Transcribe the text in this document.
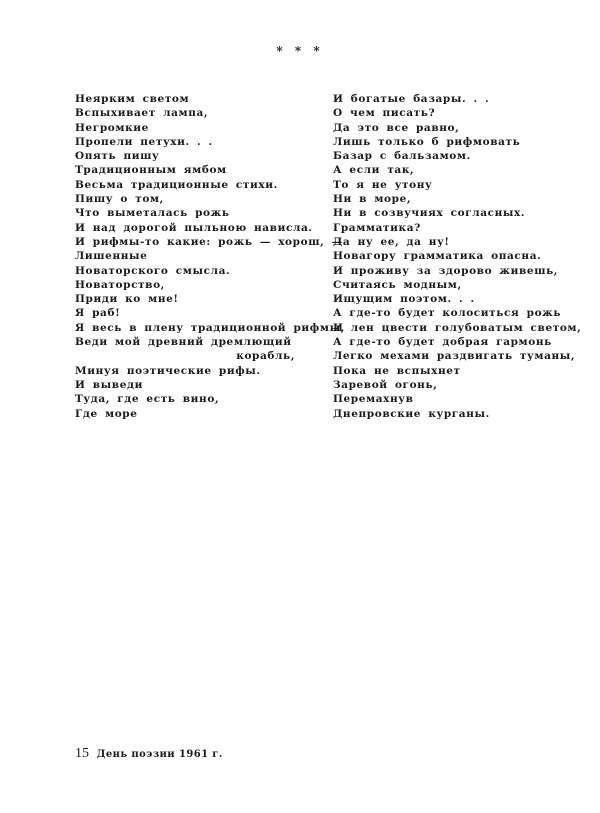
* * *
Неярким светом
Вспыхивает лампа,
Негромкие
Пропели петухи. . .
Опять пишу
Традиционным ямбом
Весьма традиционные стихи.
Пишу о том,
Что выметалась рожь
И над дорогой пыльною нависла.
И рифмы-то какие: рожь — хорош, —
Лишенные
Новаторского смысла.
Новаторство,
Приди ко мне!
Я раб!
Я весь в плену традиционной рифмы,
Веди мой древний дремлющий
корабль,
Минуя поэтические рифы.
И выведи
Туда, где есть вино,
Где море
И богатые базары. . .
О чем писать?
Да это все равно,
Лишь только б рифмовать
Базар с бальзамом.
А если так,
То я не утону
Ни в море,
Ни в созвучиях согласных.
Грамматика?
Да ну ее, да ну!
Новагору грамматика опасна.
И проживу за здорово живешь,
Считаясь модным,
Ищущим поэтом. . .
А где-то будет колоситься рожь
И лен цвести голубоватым светом,
А где-то будет добрая гармонь
Легко мехами раздвигать туманы,
Пока не вспыхнет
Заревой огонь,
Перемахнув
Днепровские курганы.
15 День поэзии 1961 г.
